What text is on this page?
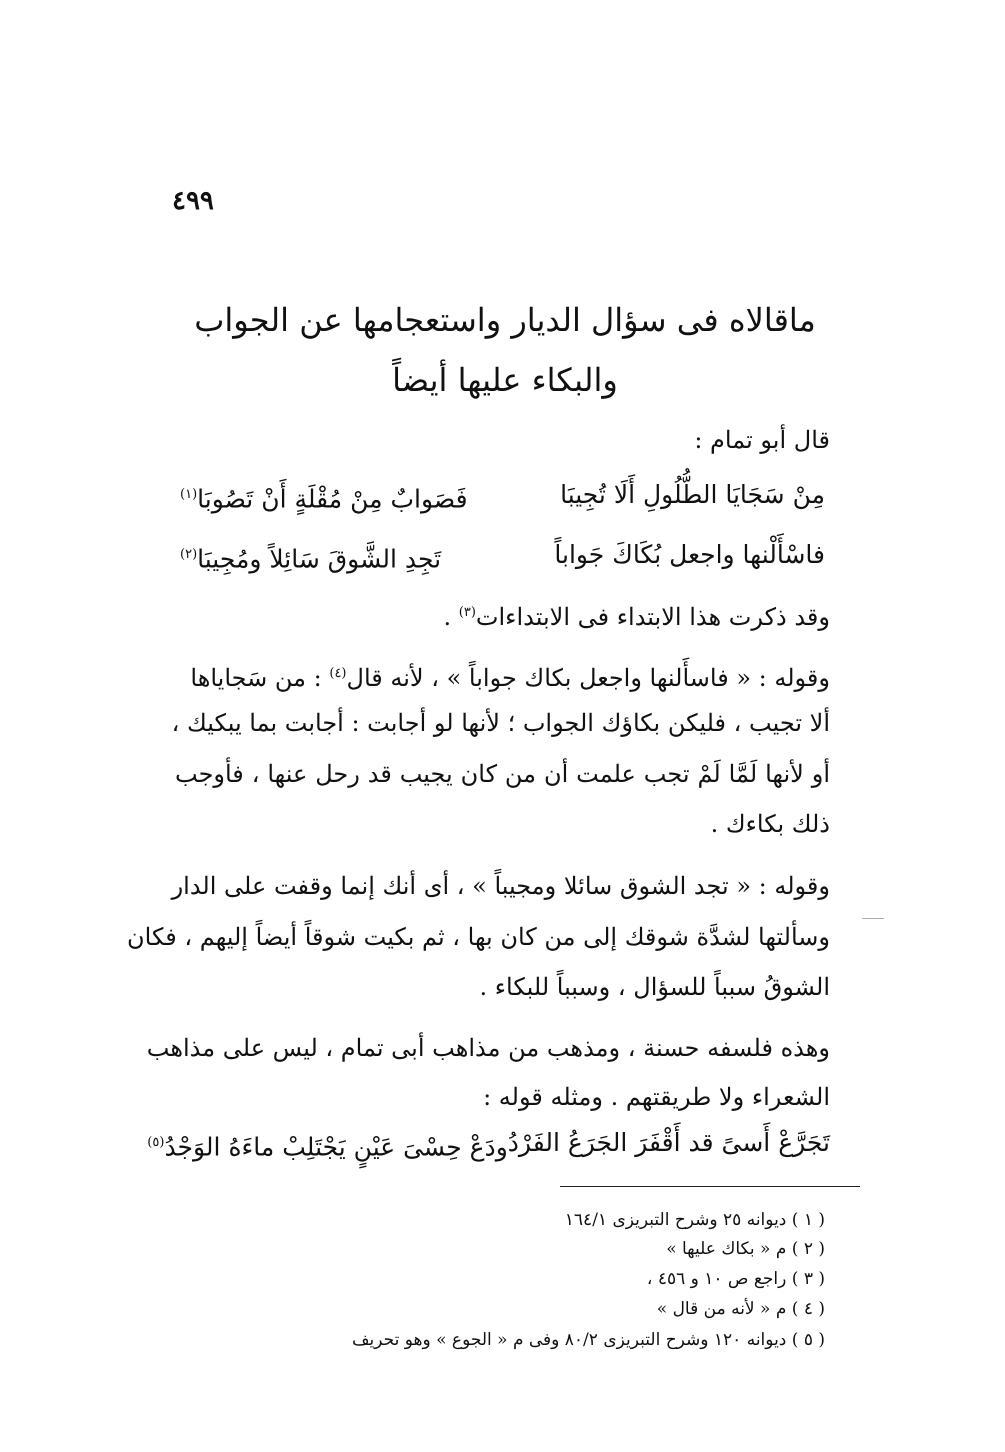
٤٩٩
ماقالاه فى سؤال الديار واستعجامها عن الجواب
والبكاء عليها أيضاً
قال أبو تمام :
مِنْ سَجَايَا الطُّلُولِ أَلَا تُجِيبَا
فَصَوابٌ مِنْ مُقْلَةٍ أَنْ تَصُوبَا$^{(١)}$
فاسْأَلْنها واجعل بُكَاكَ جَواباً
تَجِدِ الشَّوقَ سَائِلاً ومُجِيبَا$^{(٢)}$
وقد ذكرت هذا الابتداء فى الابتداءات$^{(٣)}$ .
وقوله : « فاسأَلنها واجعل بكاك جواباً » ، لأنه قال$^{(٤)}$ : من سَجاياها
ألا تجيب ، فليكن بكاؤك الجواب ؛ لأنها لو أجابت : أجابت بما يبكيك ،
أو لأنها لَمَّا لَمْ تجب علمت أن من كان يجيب قد رحل عنها ، فأوجب
ذلك بكاءك .
وقوله : « تجد الشوق سائلا ومجيباً » ، أى أنك إنما وقفت على الدار
وسألتها لشدَّة شوقك إلى من كان بها ، ثم بكيت شوقاً أيضاً إليهم ، فكان
الشوقُ سبباً للسؤال ، وسبباً للبكاء .
وهذه فلسفه حسنة ، ومذهب من مذاهب أبى تمام ، ليس على مذاهب
الشعراء ولا طريقتهم . ومثله قوله :
تَجَرَّعْ أَسىً قد أَقْفَرَ الجَرَعُ الفَرْدُ
ودَعْ حِسْىَ عَيْنٍ يَجْتَلِبْ ماءَهُ الوَجْدُ$^{(٥)}$
( ١ ) ديوانه ٢٥ وشرح التبريزى ١٦٤/١
( ٢ ) م « بكاك عليها »
( ٣ ) راجع ص ١٠ و ٤٥٦ ،
( ٤ ) م « لأنه من قال »
( ٥ ) ديوانه ١٢٠ وشرح التبريزى ٨٠/٢ وفى م « الجوع » وهو تحريف
